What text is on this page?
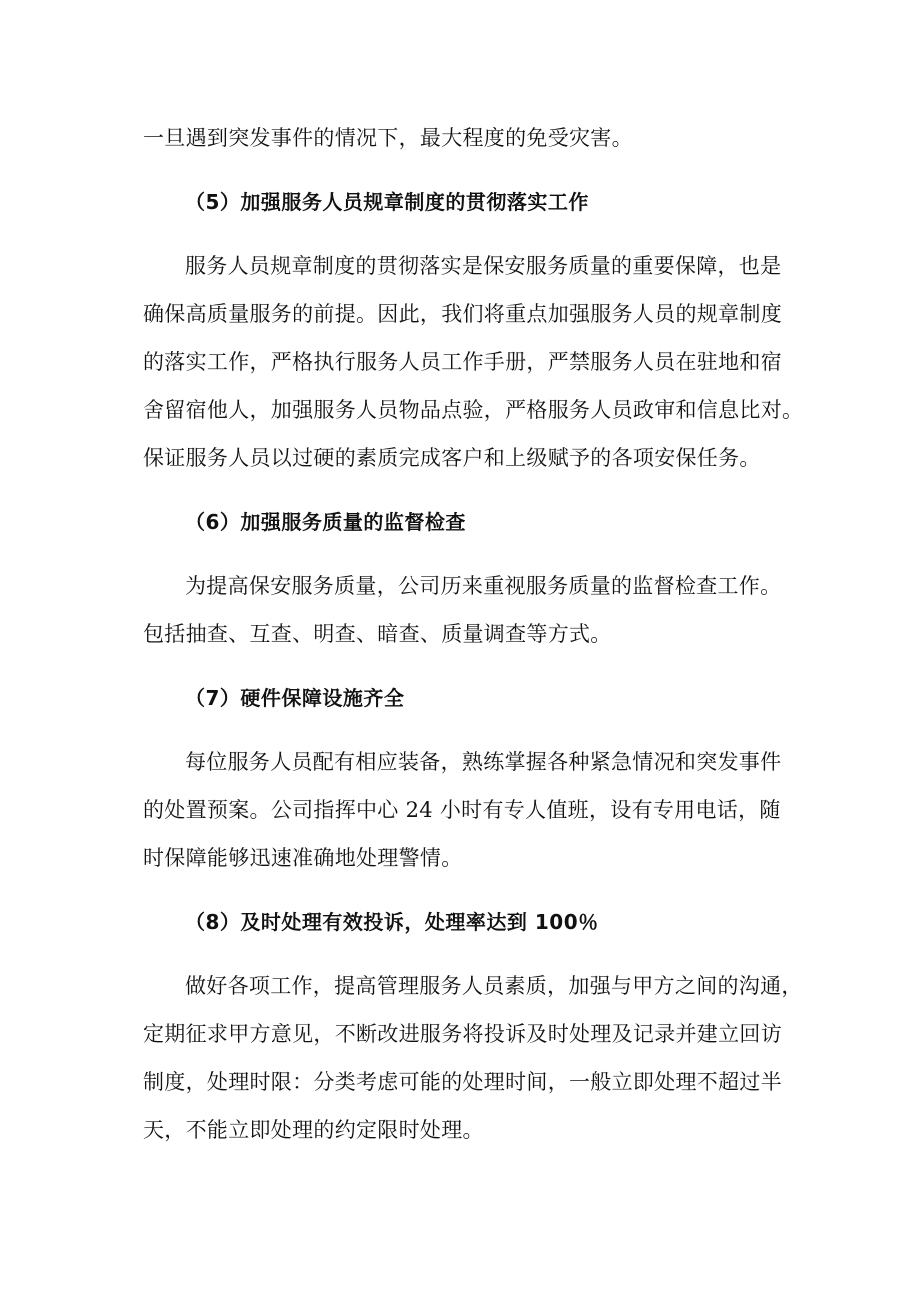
一旦遇到突发事件的情况下，最大程度的免受灾害。
（5）加强服务人员规章制度的贯彻落实工作
服务人员规章制度的贯彻落实是保安服务质量的重要保障，也是
确保高质量服务的前提。因此，我们将重点加强服务人员的规章制度
的落实工作，严格执行服务人员工作手册，严禁服务人员在驻地和宿
舍留宿他人，加强服务人员物品点验，严格服务人员政审和信息比对。
保证服务人员以过硬的素质完成客户和上级赋予的各项安保任务。
（6）加强服务质量的监督检查
为提高保安服务质量，公司历来重视服务质量的监督检查工作。
包括抽查、互查、明查、暗查、质量调查等方式。
（7）硬件保障设施齐全
每位服务人员配有相应装备，熟练掌握各种紧急情况和突发事件
的处置预案。公司指挥中心 24 小时有专人值班，设有专用电话，随
时保障能够迅速准确地处理警情。
（8）及时处理有效投诉，处理率达到 100％
做好各项工作，提高管理服务人员素质，加强与甲方之间的沟通，
定期征求甲方意见，不断改进服务将投诉及时处理及记录并建立回访
制度，处理时限：分类考虑可能的处理时间，一般立即处理不超过半
天，不能立即处理的约定限时处理。
